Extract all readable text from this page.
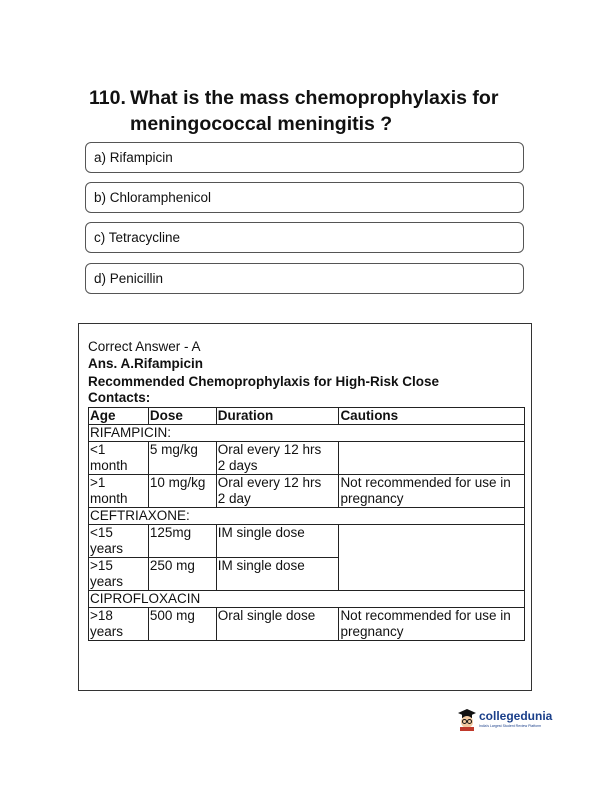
110. What is the mass chemoprophylaxis for
meningococcal meningitis ?
a) Rifampicin
b) Chloramphenicol
c) Tetracycline
d) Penicillin
Correct Answer - A
Ans. A.Rifampicin
Recommended Chemoprophylaxis for High-Risk Close
Contacts:
Age	Dose	Duration	Cautions
RIFAMPICIN:			
<1
month	5 mg/kg	Oral every 12 hrs
2 days	
>1
month	10 mg/kg	Oral every 12 hrs
2 day	Not recommended for use in
pregnancy
CEFTRIAXONE:			
<15
years	125mg	IM single dose	
>15
years	250 mg	IM single dose	
CIPROFLOXACIN			
>18
years	500 mg	Oral single dose	Not recommended for use in
pregnancy
collegedunia
India's Largest Student Review Platform
